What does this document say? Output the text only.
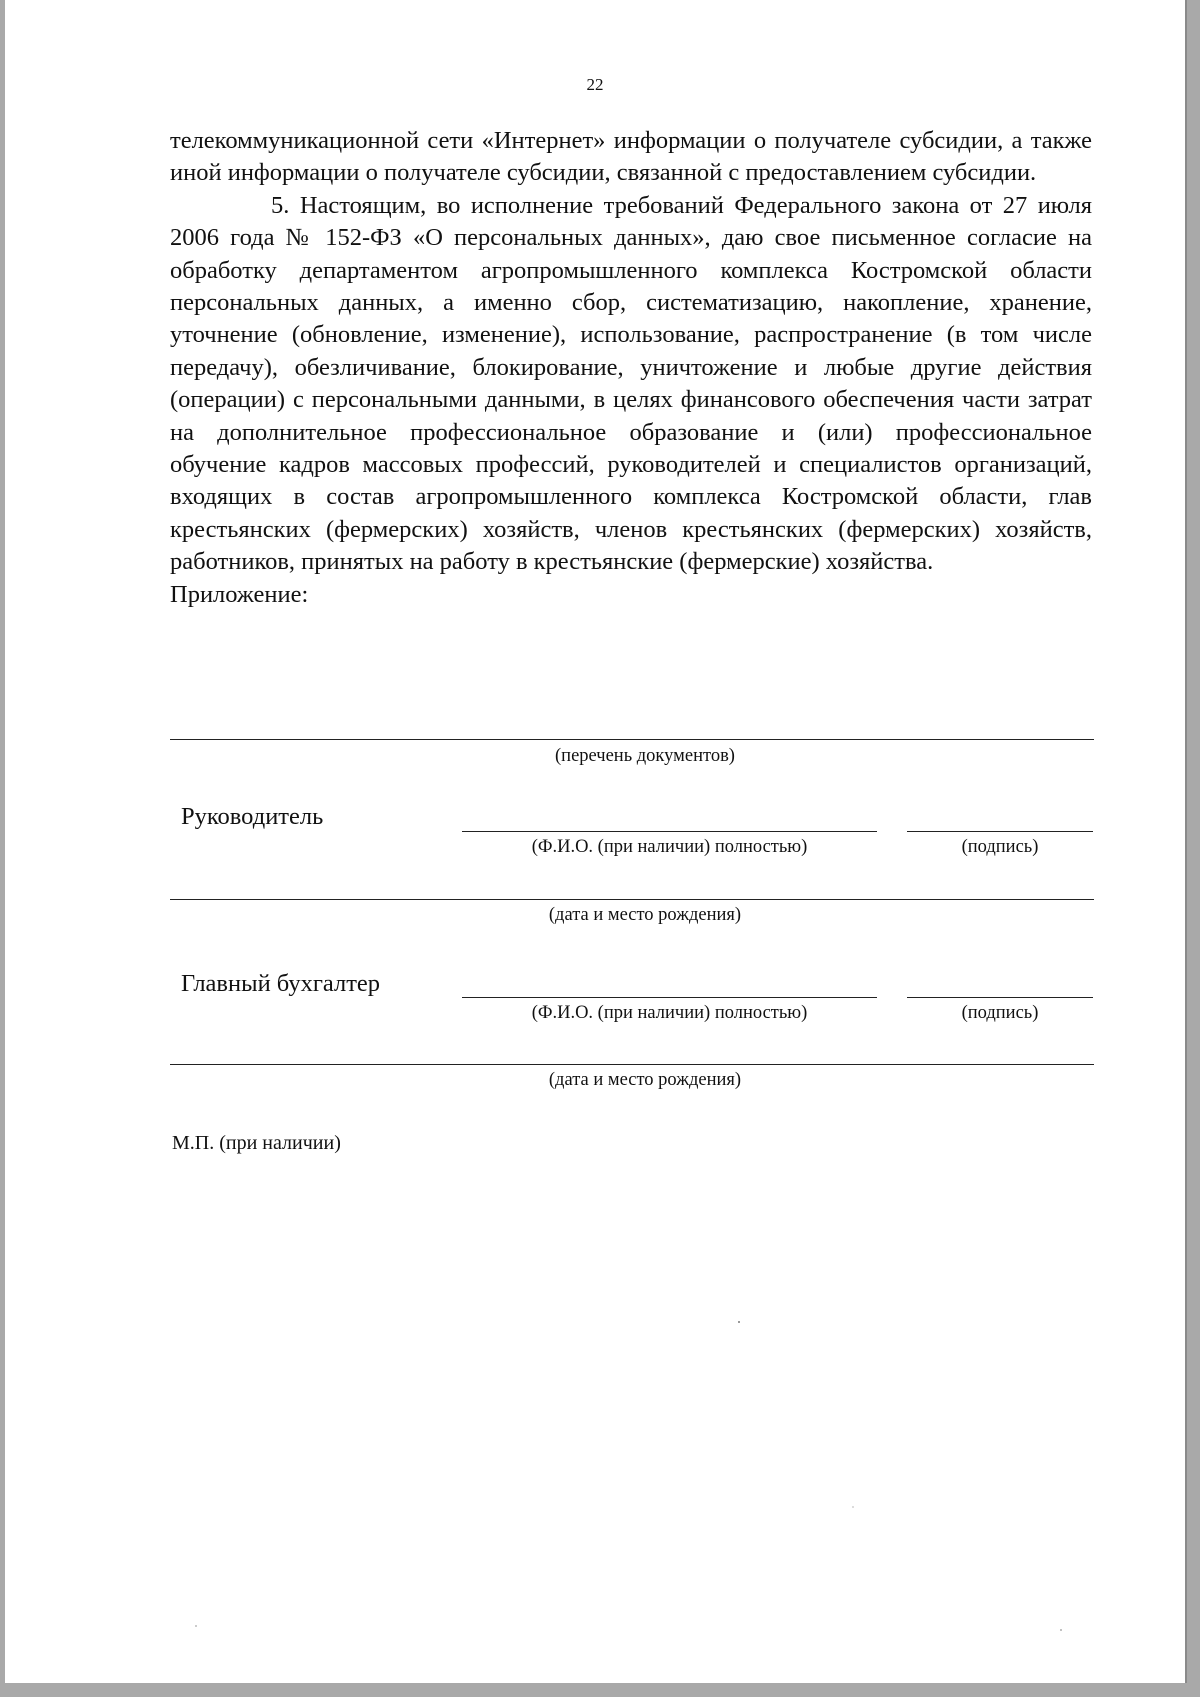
22

телекоммуникационной сети «Интернет» информации о получателе субсидии, а также иной информации о получателе субсидии, связанной с предоставлением субсидии.

5. Настоящим, во исполнение требований Федерального закона от 27 июля 2006 года № 152-ФЗ «О персональных данных», даю свое письменное согласие на обработку департаментом агропромышленного комплекса Костромской области персональных данных, а именно сбор, систематизацию, накопление, хранение, уточнение (обновление, изменение), использование, распространение (в том числе передачу), обезличивание, блокирование, уничтожение и любые другие действия (операции) с персональными данными, в целях финансового обеспечения части затрат на дополнительное профессиональное образование и (или) профессиональное обучение кадров массовых профессий, руководителей и специалистов организаций, входящих в состав агропромышленного комплекса Костромской области, глав крестьянских (фермерских) хозяйств, членов крестьянских (фермерских) хозяйств, работников, принятых на работу в крестьянские (фермерские) хозяйства.

Приложение:

(перечень документов)
Руководитель
(Ф.И.О. (при наличии) полностью)	(подпись)
(дата и место рождения)
Главный бухгалтер
(Ф.И.О. (при наличии) полностью)	(подпись)
(дата и место рождения)
М.П. (при наличии)
